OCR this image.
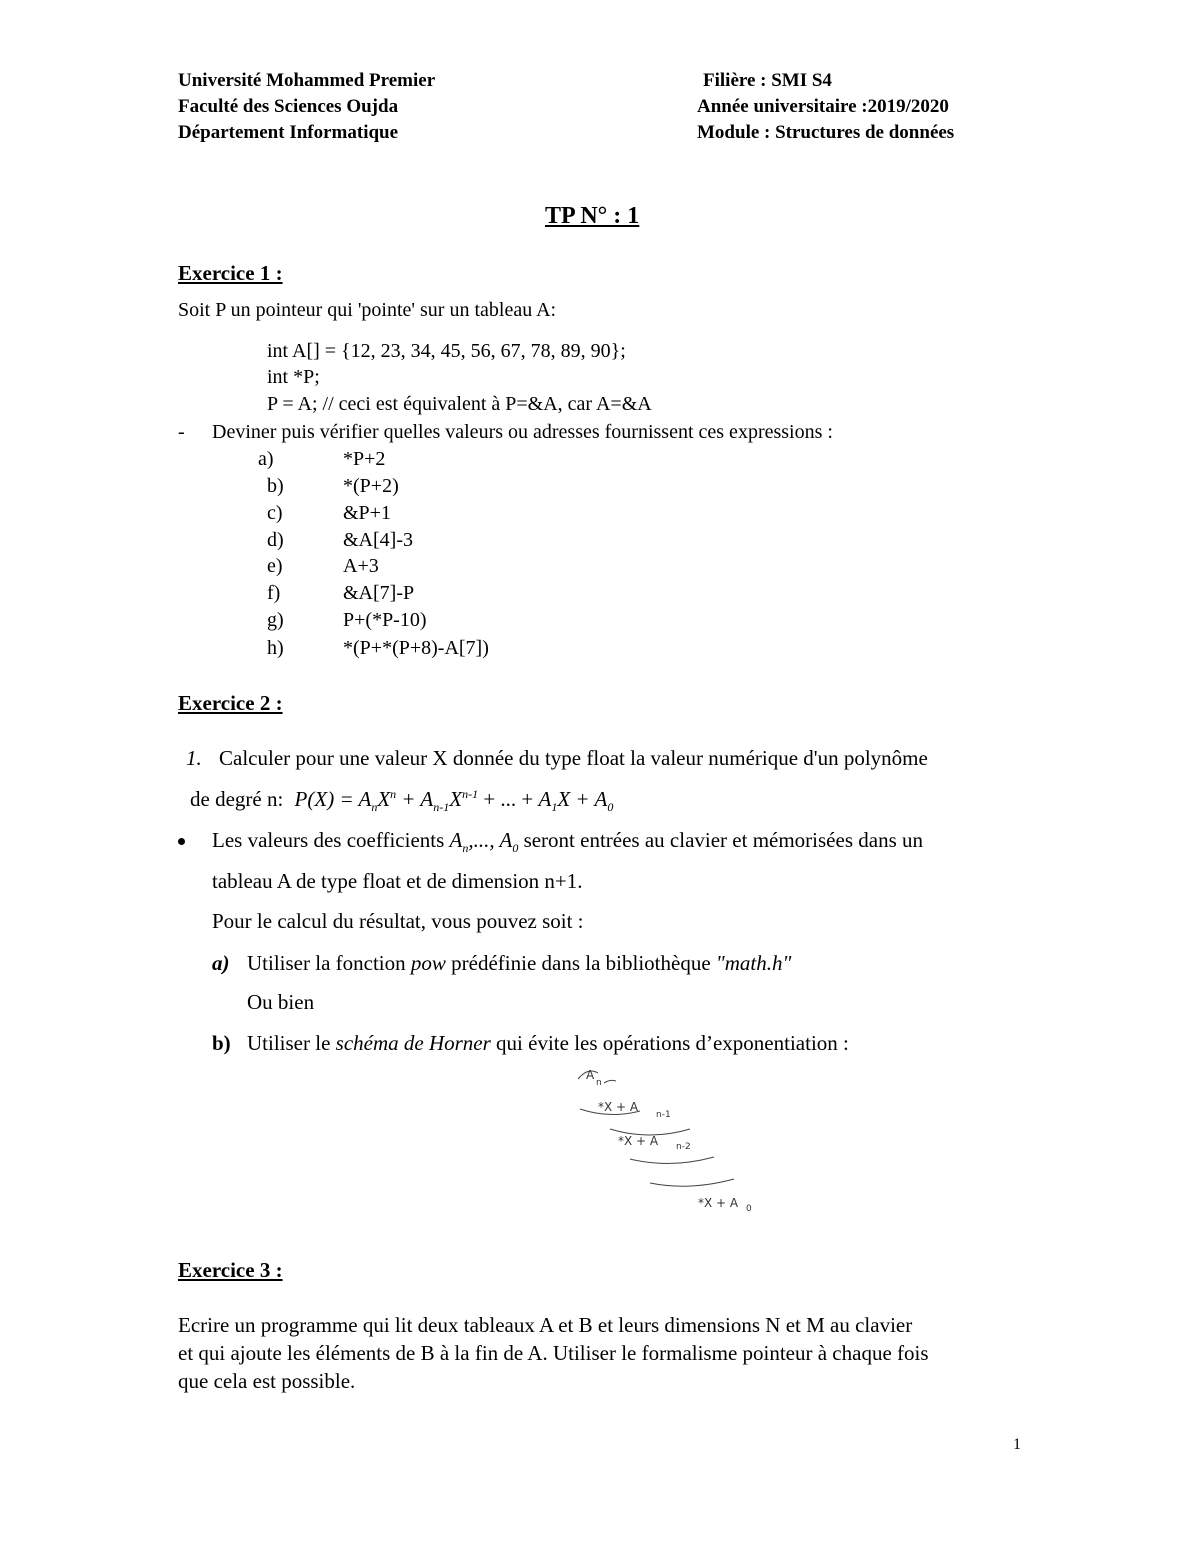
Université Mohammed Premier
Faculté des Sciences Oujda
Département Informatique
Filière : SMI S4
Année universitaire :2019/2020
Module : Structures de données
TP N° : 1
Exercice 1 :
Soit P un pointeur qui 'pointe' sur un tableau A:
int A[] = {12, 23, 34, 45, 56, 67, 78, 89, 90};
int *P;
P = A; // ceci est équivalent à P=&A, car A=&A
- Deviner puis vérifier quelles valeurs ou adresses fournissent ces expressions :
a)	*P+2
b)	*(P+2)
c)	&P+1
d)	&A[4]-3
e)	A+3
f)	&A[7]-P
g)	P+(*P-10)
h)	*(P+*(P+8)-A[7])
Exercice 2 :
1. Calculer pour une valeur X donnée du type float la valeur numérique d'un polynôme
de degré n: $P(X) = A_nX^n + A_{n-1}X^{n-1}$ + ... + $A_1X + A_0$
Les valeurs des coefficients $A_n$,..., $A_0$ seront entrées au clavier et mémorisées dans un
tableau A de type float et de dimension n+1.
Pour le calcul du résultat, vous pouvez soit :
a) Utiliser la fonction pow prédéfinie dans la bibliothèque "math.h"
Ou bien
b) Utiliser le schéma de Horner qui évite les opérations d’exponentiation :
A
n
*X + A
n-1
*X + A n-2
*X + A 0
Exercice 3 :
Ecrire un programme qui lit deux tableaux A et B et leurs dimensions N et M au clavier
et qui ajoute les éléments de B à la fin de A. Utiliser le formalisme pointeur à chaque fois
que cela est possible.
1
